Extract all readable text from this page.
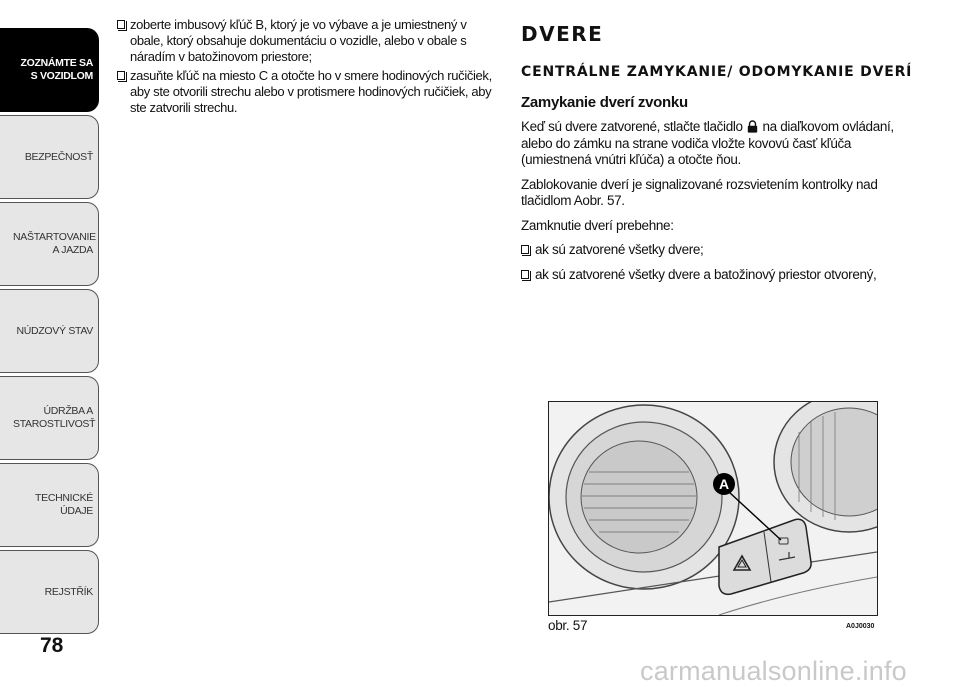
ZOZNÁMTE SA S VOZIDLOM
BEZPEČNOSŤ
NAŠTARTOVANIE A JAZDA
NÚDZOVÝ STAV
ÚDRŽBA A STAROSTLIVOSŤ
TECHNICKÉ ÚDAJE
REJSTŘÍK
78
zoberte imbusový kľúč B, ktorý je vo výbave a je umiestnený v obale, ktorý obsahuje dokumentáciu o vozidle, alebo v obale s náradím v batožinovom priestore;
zasuňte kľúč na miesto C a otočte ho v smere hodinových ručičiek, aby ste otvorili strechu alebo v protismere hodinových ručičiek, aby ste zatvorili strechu.
DVERE
CENTRÁLNE ZAMYKANIE/ ODOMYKANIE DVERÍ
Zamykanie dverí zvonku

Keď sú dvere zatvorené, stlačte tlačidlo na diaľkovom ovládaní, alebo do zámku na strane vodiča vložte kovovú časť kľúča (umiestnená vnútri kľúča) a otočte ňou.

Zablokovanie dverí je signalizované rozsvietením kontrolky nad tlačidlom Aobr. 57.

Zamknutie dverí prebehne:

ak sú zatvorené všetky dvere;
ak sú zatvorené všetky dvere a batožinový priestor otvorený,
A
obr. 57	A0J0030
carmanualsonline.info
